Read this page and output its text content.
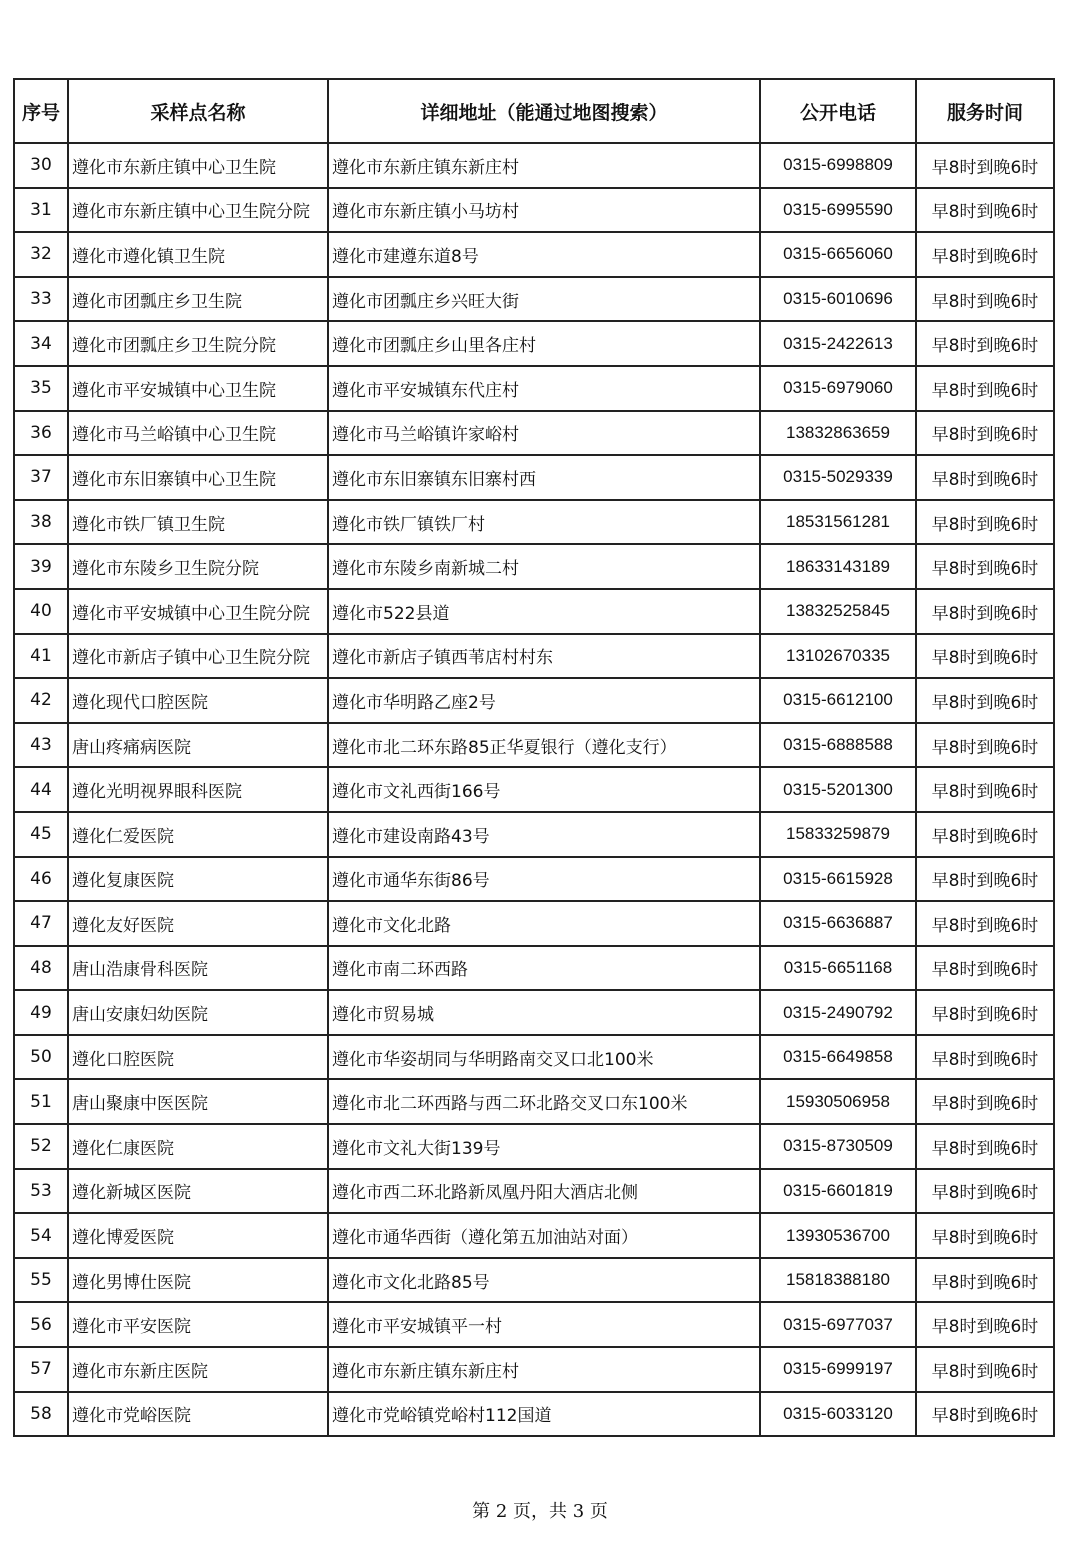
序号	采样点名称	详细地址（能通过地图搜索）	公开电话	服务时间
30	遵化市东新庄镇中心卫生院	遵化市东新庄镇东新庄村	0315-6998809	早8时到晚6时
31	遵化市东新庄镇中心卫生院分院	遵化市东新庄镇小马坊村	0315-6995590	早8时到晚6时
32	遵化市遵化镇卫生院	遵化市建遵东道8号	0315-6656060	早8时到晚6时
33	遵化市团瓢庄乡卫生院	遵化市团瓢庄乡兴旺大街	0315-6010696	早8时到晚6时
34	遵化市团瓢庄乡卫生院分院	遵化市团瓢庄乡山里各庄村	0315-2422613	早8时到晚6时
35	遵化市平安城镇中心卫生院	遵化市平安城镇东代庄村	0315-6979060	早8时到晚6时
36	遵化市马兰峪镇中心卫生院	遵化市马兰峪镇许家峪村	13832863659	早8时到晚6时
37	遵化市东旧寨镇中心卫生院	遵化市东旧寨镇东旧寨村西	0315-5029339	早8时到晚6时
38	遵化市铁厂镇卫生院	遵化市铁厂镇铁厂村	18531561281	早8时到晚6时
39	遵化市东陵乡卫生院分院	遵化市东陵乡南新城二村	18633143189	早8时到晚6时
40	遵化市平安城镇中心卫生院分院	遵化市522县道	13832525845	早8时到晚6时
41	遵化市新店子镇中心卫生院分院	遵化市新店子镇西苇店村村东	13102670335	早8时到晚6时
42	遵化现代口腔医院	遵化市华明路乙座2号	0315-6612100	早8时到晚6时
43	唐山疼痛病医院	遵化市北二环东路85正华夏银行（遵化支行）	0315-6888588	早8时到晚6时
44	遵化光明视界眼科医院	遵化市文礼西街166号	0315-5201300	早8时到晚6时
45	遵化仁爱医院	遵化市建设南路43号	15833259879	早8时到晚6时
46	遵化复康医院	遵化市通华东街86号	0315-6615928	早8时到晚6时
47	遵化友好医院	遵化市文化北路	0315-6636887	早8时到晚6时
48	唐山浩康骨科医院	遵化市南二环西路	0315-6651168	早8时到晚6时
49	唐山安康妇幼医院	遵化市贸易城	0315-2490792	早8时到晚6时
50	遵化口腔医院	遵化市华姿胡同与华明路南交叉口北100米	0315-6649858	早8时到晚6时
51	唐山聚康中医医院	遵化市北二环西路与西二环北路交叉口东100米	15930506958	早8时到晚6时
52	遵化仁康医院	遵化市文礼大街139号	0315-8730509	早8时到晚6时
53	遵化新城区医院	遵化市西二环北路新凤凰丹阳大酒店北侧	0315-6601819	早8时到晚6时
54	遵化博爱医院	遵化市通华西街（遵化第五加油站对面）	13930536700	早8时到晚6时
55	遵化男博仕医院	遵化市文化北路85号	15818388180	早8时到晚6时
56	遵化市平安医院	遵化市平安城镇平一村	0315-6977037	早8时到晚6时
57	遵化市东新庄医院	遵化市东新庄镇东新庄村	0315-6999197	早8时到晚6时
58	遵化市党峪医院	遵化市党峪镇党峪村112国道	0315-6033120	早8时到晚6时
第 2 页，共 3 页
